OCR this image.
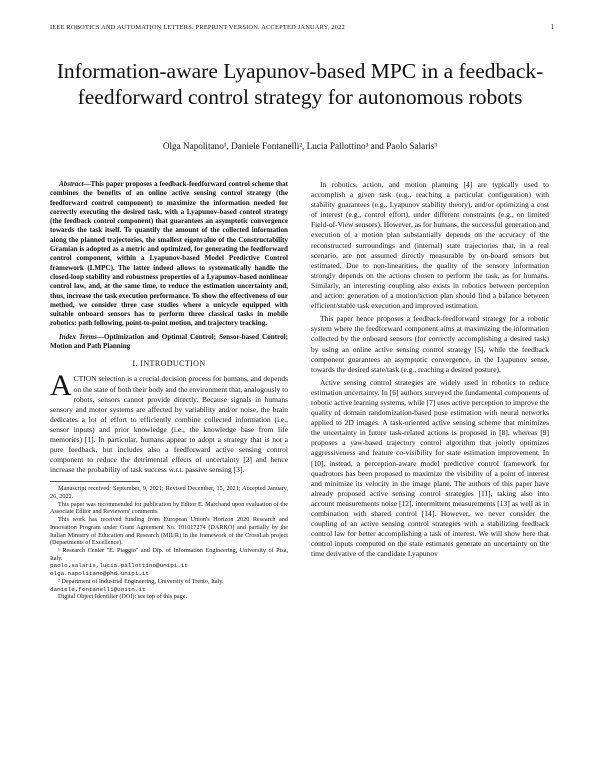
IEEE ROBOTICS AND AUTOMATION LETTERS. PREPRINT VERSION. ACCEPTED JANUARY, 2022	1
Information-aware Lyapunov-based MPC in a feedback-feedforward control strategy for autonomous robots
Olga Napolitano¹, Daniele Fontanelli², Lucia Pallottino³ and Paolo Salaris³

Abstract—This paper proposes a feedback-feedforward control scheme that combines the benefits of an online active sensing control strategy (the feedforward control component) to maximize the information needed for correctly executing the desired task, with a Lyapunov-based control strategy (the feedback control component) that guarantees an asymptotic convergence towards the task itself. To quantify the amount of the collected information along the planned trajectories, the smallest eigenvalue of the Constructability Gramian is adopted as a metric and optimized, for generating the feedforward control component, within a Lyapunov-based Model Predictive Control framework (LMPC). The latter indeed allows to systematically handle the closed-loop stability and robustness properties of a Lyapunov-based nonlinear control law, and, at the same time, to reduce the estimation uncertainty and, thus, increase the task execution performance. To show the effectiveness of our method, we consider three case studies where a unicycle equipped with suitable onboard sensors has to perform three classical tasks in mobile robotics: path following, point-to-point motion, and trajectory tracking.

Index Terms—Optimization and Optimal Control; Sensor-based Control; Motion and Path Planning

I. INTRODUCTION

ACTION selection is a crucial decision process for humans, and depends on the state of both their body and the environment that, analogously to robots, sensors cannot provide directly. Because signals in humans sensory and motor systems are affected by variability and/or noise, the brain dedicates a lot of effort to efficiently combine collected information (i.e., sensor inputs) and prior knowledge (i.e., the knowledge base from life memories) [1]. In particular, humans appear to adopt a strategy that is not a pure feedback, but includes also a feedforward active sensing control component to reduce the detrimental effects of uncertainty [2] and hence increase the probability of task success w.r.t. passive sensing [3].

Manuscript received: September, 9, 2021; Revised December, 15, 2021; Accepted January, 26, 2022.

This paper was recommended for publication by Editor E. Marchand upon evaluation of the Associate Editor and Reviewers' comments.

This work has received funding from European Union's Horizon 2020 Research and Innovation Program under Grant Agreement No. 101017274 (DARKO) and partially by the Italian Ministry of Education and Research (MIUR) in the framework of the CrossLab project (Departments of Excellence).

¹ Research Center "E. Piaggio" and Dip. of Information Engineering, University of Pisa, Italy.

paolo.salaris,lucia.pallottino@unipi.it

olga.napolitano@phd.unipi.it

² Department of Industrial Engineering, University of Trento, Italy.

daniele.fontanelli@unitn.it

Digital Object Identifier (DOI): see top of this page.

In robotics, action, and motion planning [4] are typically used to accomplish a given task (e.g., reaching a particular configuration) with stability guarantees (e.g., Lyapunov stability theory), and/or optimizing a cost of interest (e.g., control effort), under different constraints (e.g., on limited Field-of-View sensors). However, as for humans, the successful generation and execution of a motion plan substantially depends on the accuracy of the reconstructed surroundings and (internal) state trajectories that, in a real scenario, are not assumed directly measurable by on-board sensors but estimated. Due to non-linearities, the quality of the sensory information strongly depends on the actions chosen to perform the task, as for humans. Similarly, an interesting coupling also exists in robotics between perception and action: generation of a motion/action plan should find a balance between efficient/stable task execution and improved estimation.

This paper hence proposes a feedback-feedforward strategy for a robotic system where the feedforward component aims at maximizing the information collected by the onboard sensors (for correctly accomplishing a desired task) by using an online active sensing control strategy [5], while the feedback component guarantees an asymptotic convergence, in the Lyapunov sense, towards the desired state/task (e.g., reaching a desired posture).

Active sensing control strategies are widely used in robotics to reduce estimation uncertainty. In [6] authors surveyed the fundamental components of robotic active learning systems, while [7] uses active perception to improve the quality of domain randomization-based pose estimation with neural networks applied to 2D images. A task-oriented active sensing scheme that minimizes the uncertainty in future task-related actions is proposed in [8], whereas [9] proposes a yaw-based trajectory control algorithm that jointly optimizes aggressiveness and feature co-visibility for state estimation improvement. In [10], instead, a perception-aware model predictive control framework for quadrotors has been proposed to maximize the visibility of a point of interest and minimize its velocity in the image plane. The authors of this paper have already proposed active sensing control strategies [11], taking also into account measurements noise [12], intermittent measurements [13] as well as in combination with shared control [14]. However, we never consider the coupling of an active sensing control strategies with a stabilizing feedback control law for better accomplishing a task of interest. We will show here that control inputs computed on the state estimates generate an uncertainty on the time derivative of the candidate Lyapunov
